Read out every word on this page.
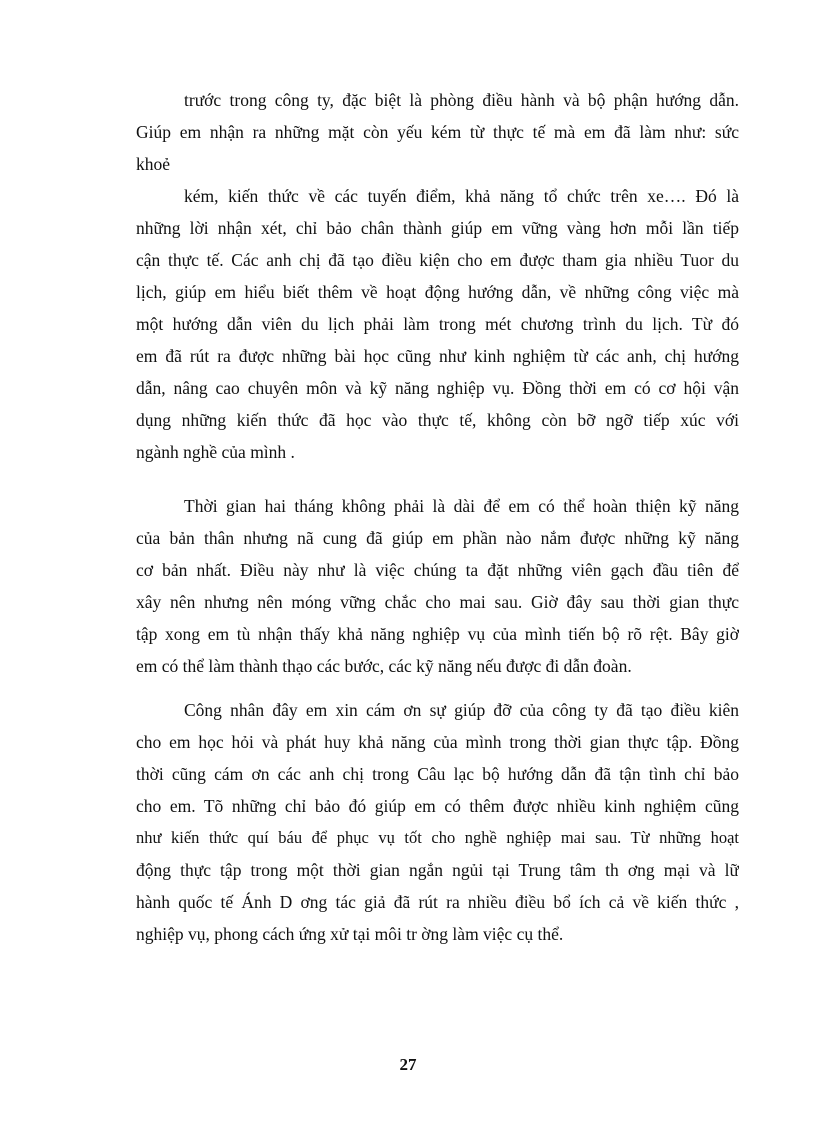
trước trong công ty, đặc biệt là phòng điều hành và bộ phận hướng dẫn.
Giúp em nhận ra những mặt còn yếu kém từ thực tế mà em đã làm như: sức
khoẻ
kém, kiến thức về các tuyến điểm, khả năng tổ chức trên xe…. Đó là
những lời nhận xét, chỉ bảo chân thành giúp em vững vàng hơn mỗi lần tiếp
cận thực tế. Các anh chị đã tạo điều kiện cho em được tham gia nhiều Tuor du
lịch, giúp em hiểu biết thêm về hoạt động hướng dẫn, về những công việc mà
một hướng dẫn viên du lịch phải làm trong mét chương trình du lịch. Từ đó
em đã rút ra được những bài học cũng như kinh nghiệm từ các anh, chị hướng
dẫn, nâng cao chuyên môn và kỹ năng nghiệp vụ. Đồng thời em có cơ hội vận
dụng những kiến thức đã học vào thực tế, không còn bỡ ngỡ tiếp xúc với
ngành nghề của mình .
Thời gian hai tháng không phải là dài để em có thể hoàn thiện kỹ năng
của bản thân nhưng nã cung đã giúp em phần nào nắm được những kỹ năng
cơ bản nhất. Điều này như là việc chúng ta đặt những viên gạch đầu tiên để
xây nên nhưng nên móng vững chắc cho mai sau. Giờ đây sau thời gian thực
tập xong em tù nhận thấy khả năng nghiệp vụ của mình tiến bộ rõ rệt. Bây giờ
em có thể làm thành thạo các bước, các kỹ năng nếu được đi dẫn đoàn.
Công nhân đây em xin cám ơn sự giúp đỡ của công ty đã tạo điều kiên
cho em học hỏi và phát huy khả năng của mình trong thời gian thực tập. Đồng
thời cũng cám ơn các anh chị trong Câu lạc bộ hướng dẫn đã tận tình chỉ bảo
cho em. Tõ những chỉ bảo đó giúp em có thêm được nhiều kinh nghiệm cũng
như kiến thức quí báu để phục vụ tốt cho nghề nghiệp mai sau. Từ những hoạt
động thực tập trong một thời gian ngắn ngủi tại Trung tâm th ơng mại và lữ
hành quốc tế Ánh D ơng tác giả đã rút ra nhiều điều bổ ích cả về kiến thức ,
nghiệp vụ, phong cách ứng xử tại môi tr ờng làm việc cụ thể.
27
